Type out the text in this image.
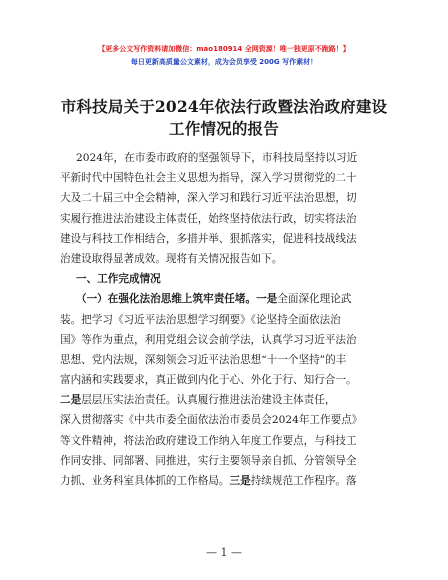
【更多公文写作资料请加微信：mao180914 全网资源！唯一独更原不跑路！】
每日更新高质量公文素材，成为会员享受 200G 写作素材！
市科技局关于2024年依法行政暨法治政府建设
工作情况的报告
2024年，在市委市政府的坚强领导下，市科技局坚持以习近
平新时代中国特色社会主义思想为指导，深入学习贯彻党的二十
大及二十届三中全会精神，深入学习和践行习近平法治思想，切
实履行推进法治建设主体责任，始终坚持依法行政，切实将法治
建设与科技工作相结合，多措并举、狠抓落实，促进科技战线法
治建设取得显著成效。现将有关情况报告如下。
一、工作完成情况
（一）在强化法治思维上筑牢责任堵。一是全面深化理论武
装。把学习《习近平法治思想学习纲要》《论坚持全面依法治
国》等作为重点，利用党组会议会前学法，认真学习习近平法治
思想、党内法规，深刻领会习近平法治思想“十一个坚持”的丰
富内涵和实践要求，真正做到内化于心、外化于行、知行合一。
二是层层压实法治责任。认真履行推进法治建设主体责任，
深入贯彻落实《中共市委全面依法治市委员会2024年工作要点》
等文件精神，将法治政府建设工作纳入年度工作要点，与科技工
作同安排、同部署、同推进，实行主要领导亲自抓、分管领导全
力抓、业务科室具体抓的工作格局。三是持续规范工作程序。落
— 1 —
